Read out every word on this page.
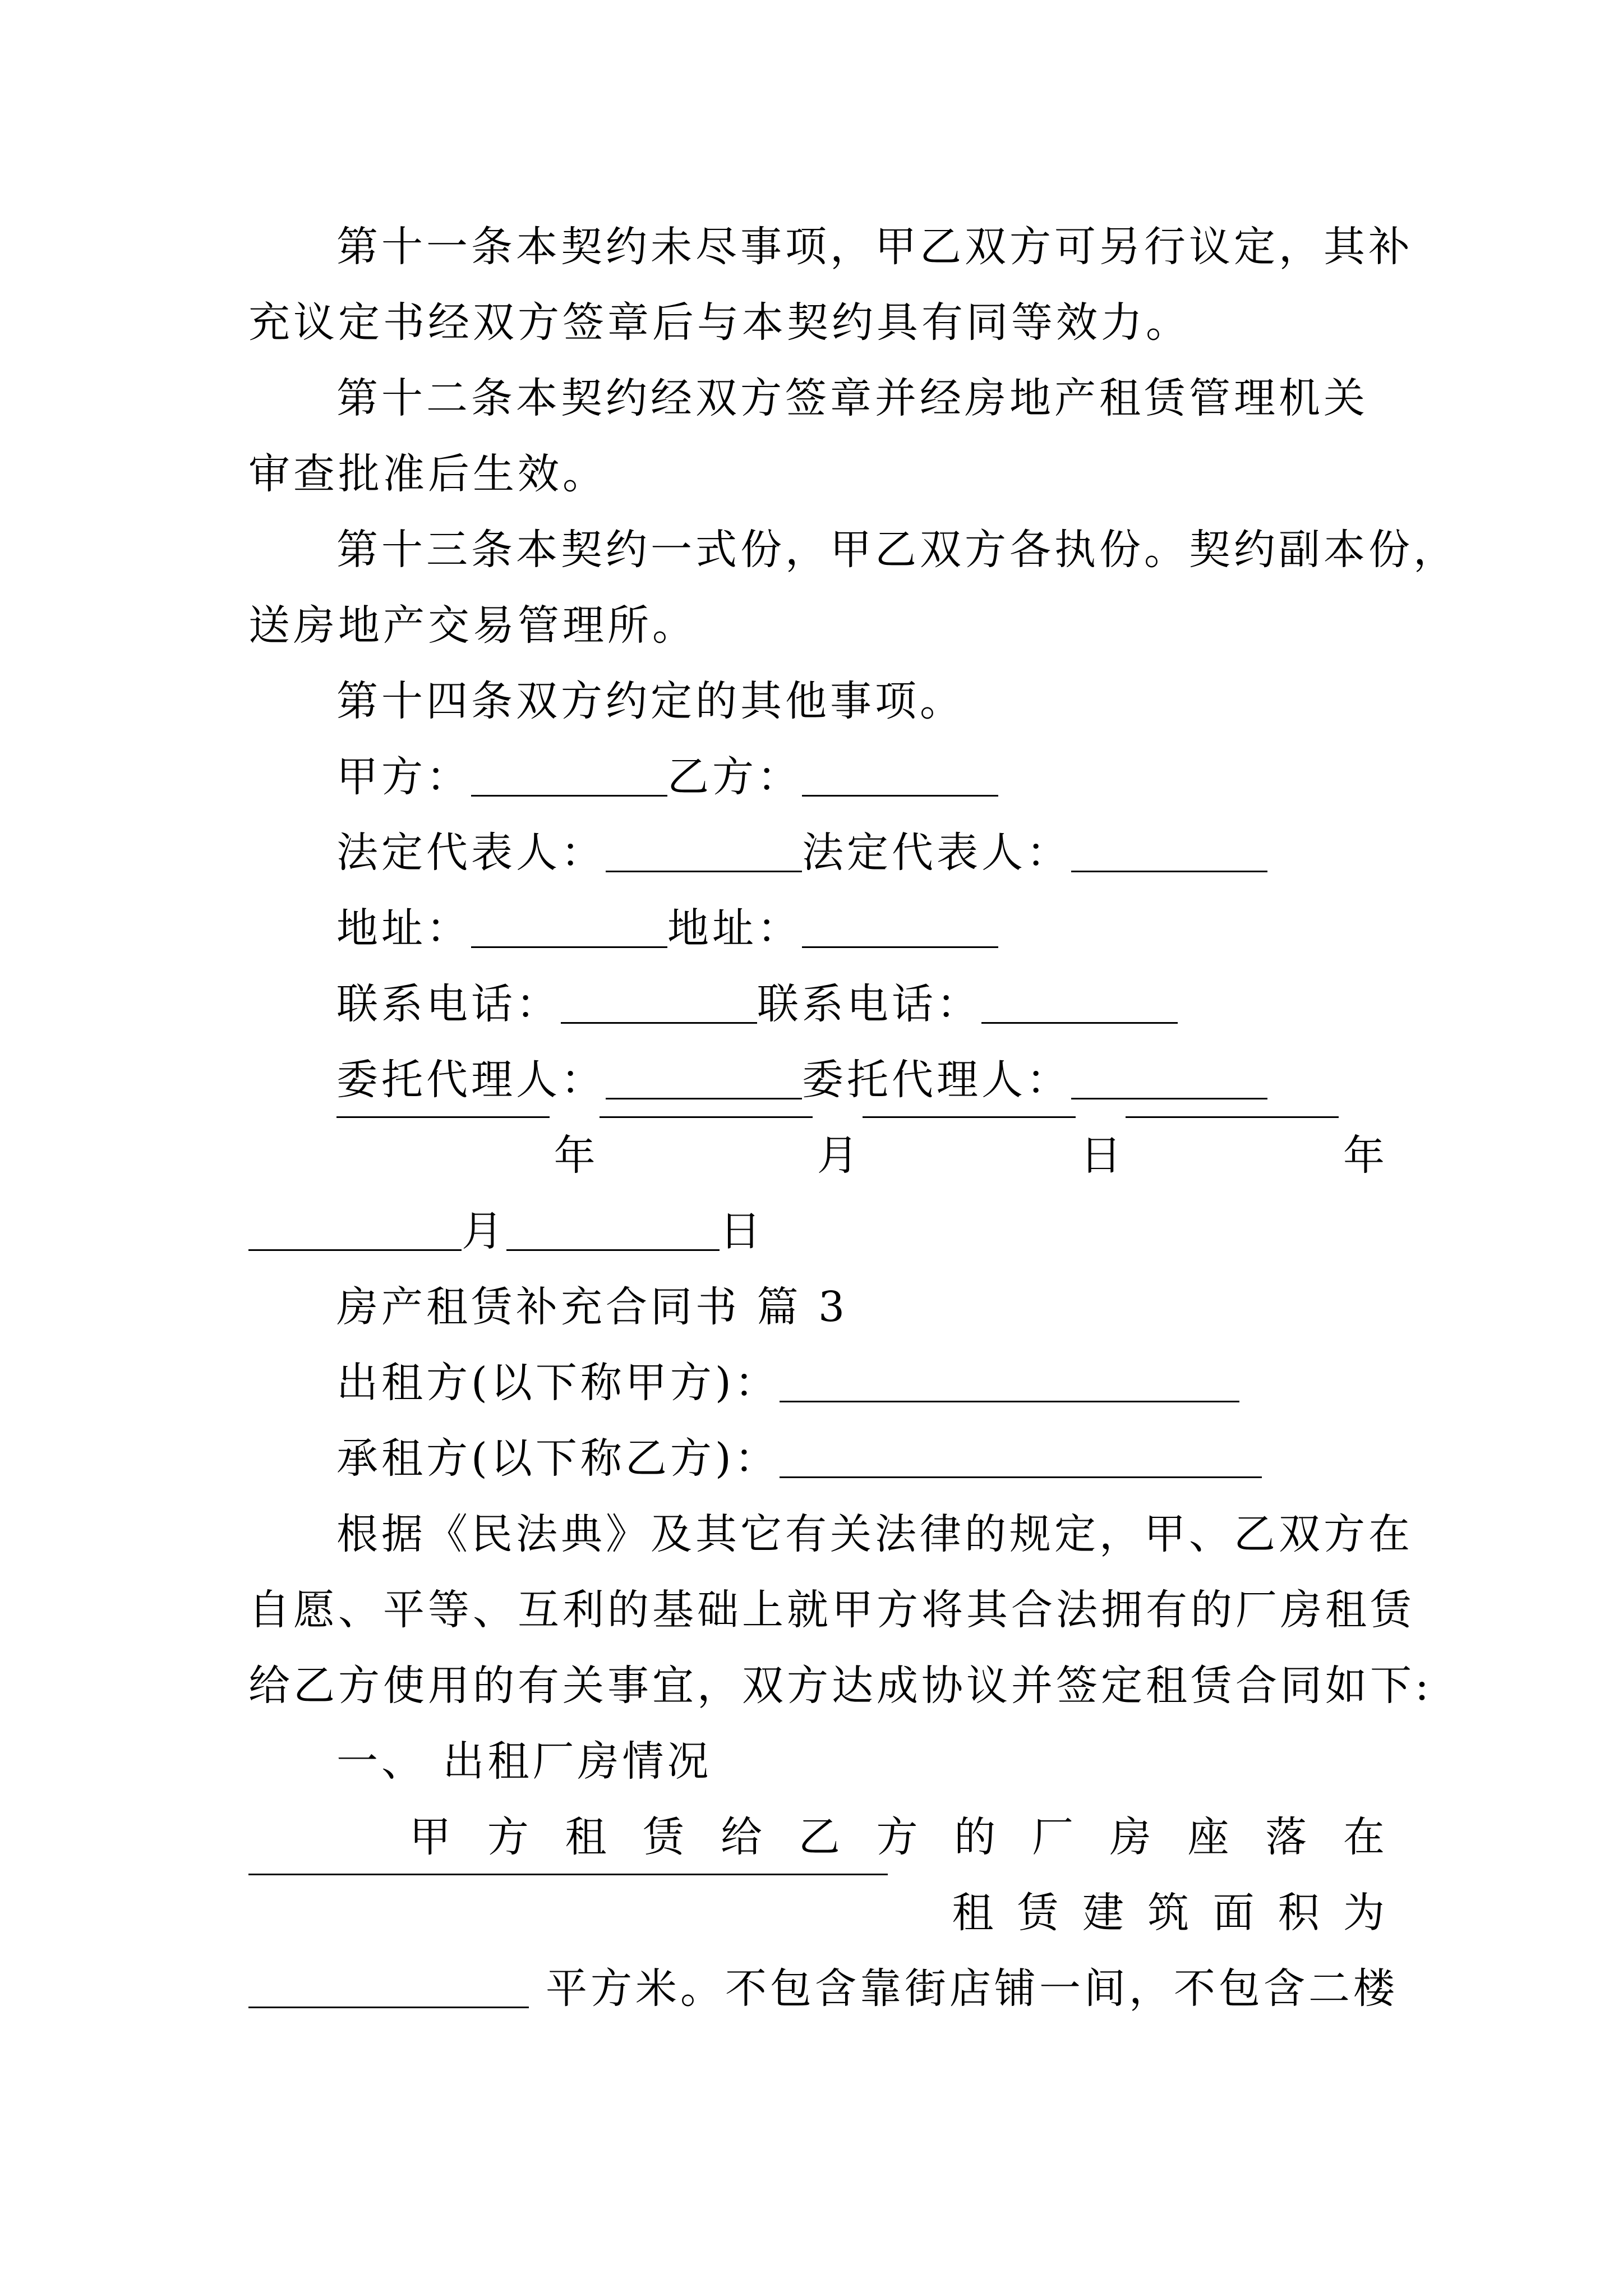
第十一条本契约未尽事项，甲乙双方可另行议定，其补
充议定书经双方签章后与本契约具有同等效力。
第十二条本契约经双方签章并经房地产租赁管理机关
审查批准后生效。
第十三条本契约一式份，甲乙双方各执份。契约副本份，
送房地产交易管理所。
第十四条双方约定的其他事项。
甲方：	乙方：
法定代表人：	法定代表人：
地址：	地址：
联系电话：	联系电话：
委托代理人：	委托代理人：
年	月	日	年
月	日
房产租赁补充合同书 篇 3
出租方(以下称甲方)：
承租方(以下称乙方)：
根据《民法典》及其它有关法律的规定，甲、乙双方在
自愿、平等、互利的基础上就甲方将其合法拥有的厂房租赁
给乙方使用的有关事宜，双方达成协议并签定租赁合同如下:
一、 出租厂房情况
甲 方 租 赁 给 乙 方 的 厂 房 座 落 在
租 赁 建 筑 面 积 为
平方米。不包含靠街店铺一间，不包含二楼
